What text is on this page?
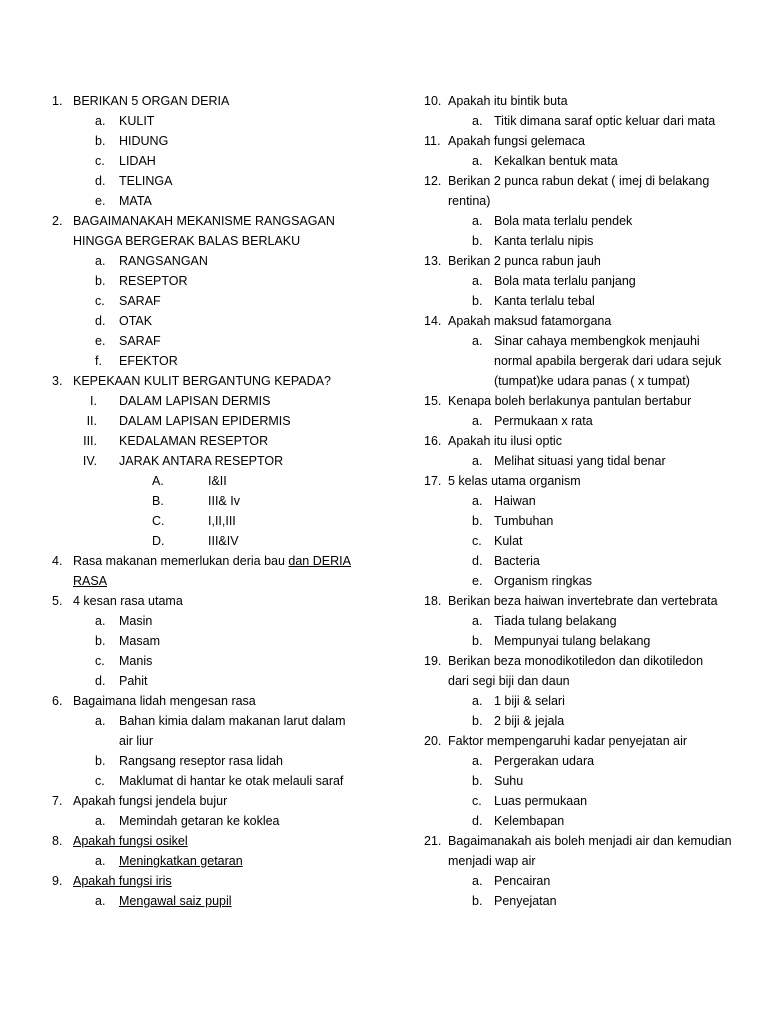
1. BERIKAN 5 ORGAN DERIA
a. KULIT
b. HIDUNG
c. LIDAH
d. TELINGA
e. MATA
2. BAGAIMANAKAH MEKANISME RANGSAGAN
HINGGA BERGERAK BALAS BERLAKU
a. RANGSANGAN
b. RESEPTOR
c. SARAF
d. OTAK
e. SARAF
f. EFEKTOR
3. KEPEKAAN KULIT BERGANTUNG KEPADA?
I. DALAM LAPISAN DERMIS
II. DALAM LAPISAN EPIDERMIS
III. KEDALAMAN RESEPTOR
IV. JARAK ANTARA RESEPTOR
A.	I&II
B.	III& Iv
C.	I,II,III
D.	III&IV
4. Rasa makanan memerlukan deria bau dan DERIA
RASA
5. 4 kesan rasa utama
a. Masin
b. Masam
c. Manis
d. Pahit
6. Bagaimana lidah mengesan rasa
a. Bahan kimia dalam makanan larut dalam
air liur
b. Rangsang reseptor rasa lidah
c. Maklumat di hantar ke otak melauli saraf
7. Apakah fungsi jendela bujur
a. Memindah getaran ke koklea
8. Apakah fungsi osikel
a. Meningkatkan getaran
9. Apakah fungsi iris
a. Mengawal saiz pupil
10. Apakah itu bintik buta
a. Titik dimana saraf optic keluar dari mata
11. Apakah fungsi gelemaca
a. Kekalkan bentuk mata
12. Berikan 2 punca rabun dekat ( imej di belakang
rentina)
a. Bola mata terlalu pendek
b. Kanta terlalu nipis
13. Berikan 2 punca rabun jauh
a. Bola mata terlalu panjang
b. Kanta terlalu tebal
14. Apakah maksud fatamorgana
a. Sinar cahaya membengkok menjauhi
normal apabila bergerak dari udara sejuk
(tumpat)ke udara panas ( x tumpat)
15. Kenapa boleh berlakunya pantulan bertabur
a. Permukaan x rata
16. Apakah itu ilusi optic
a. Melihat situasi yang tidal benar
17. 5 kelas utama organism
a. Haiwan
b. Tumbuhan
c. Kulat
d. Bacteria
e. Organism ringkas
18. Berikan beza haiwan invertebrate dan vertebrata
a. Tiada tulang belakang
b. Mempunyai tulang belakang
19. Berikan beza monodikotiledon dan dikotiledon
dari segi biji dan daun
a. 1 biji & selari
b. 2 biji & jejala
20. Faktor mempengaruhi kadar penyejatan air
a. Pergerakan udara
b. Suhu
c. Luas permukaan
d. Kelembapan
21. Bagaimanakah ais boleh menjadi air dan kemudian
menjadi wap air
a. Pencairan
b. Penyejatan
